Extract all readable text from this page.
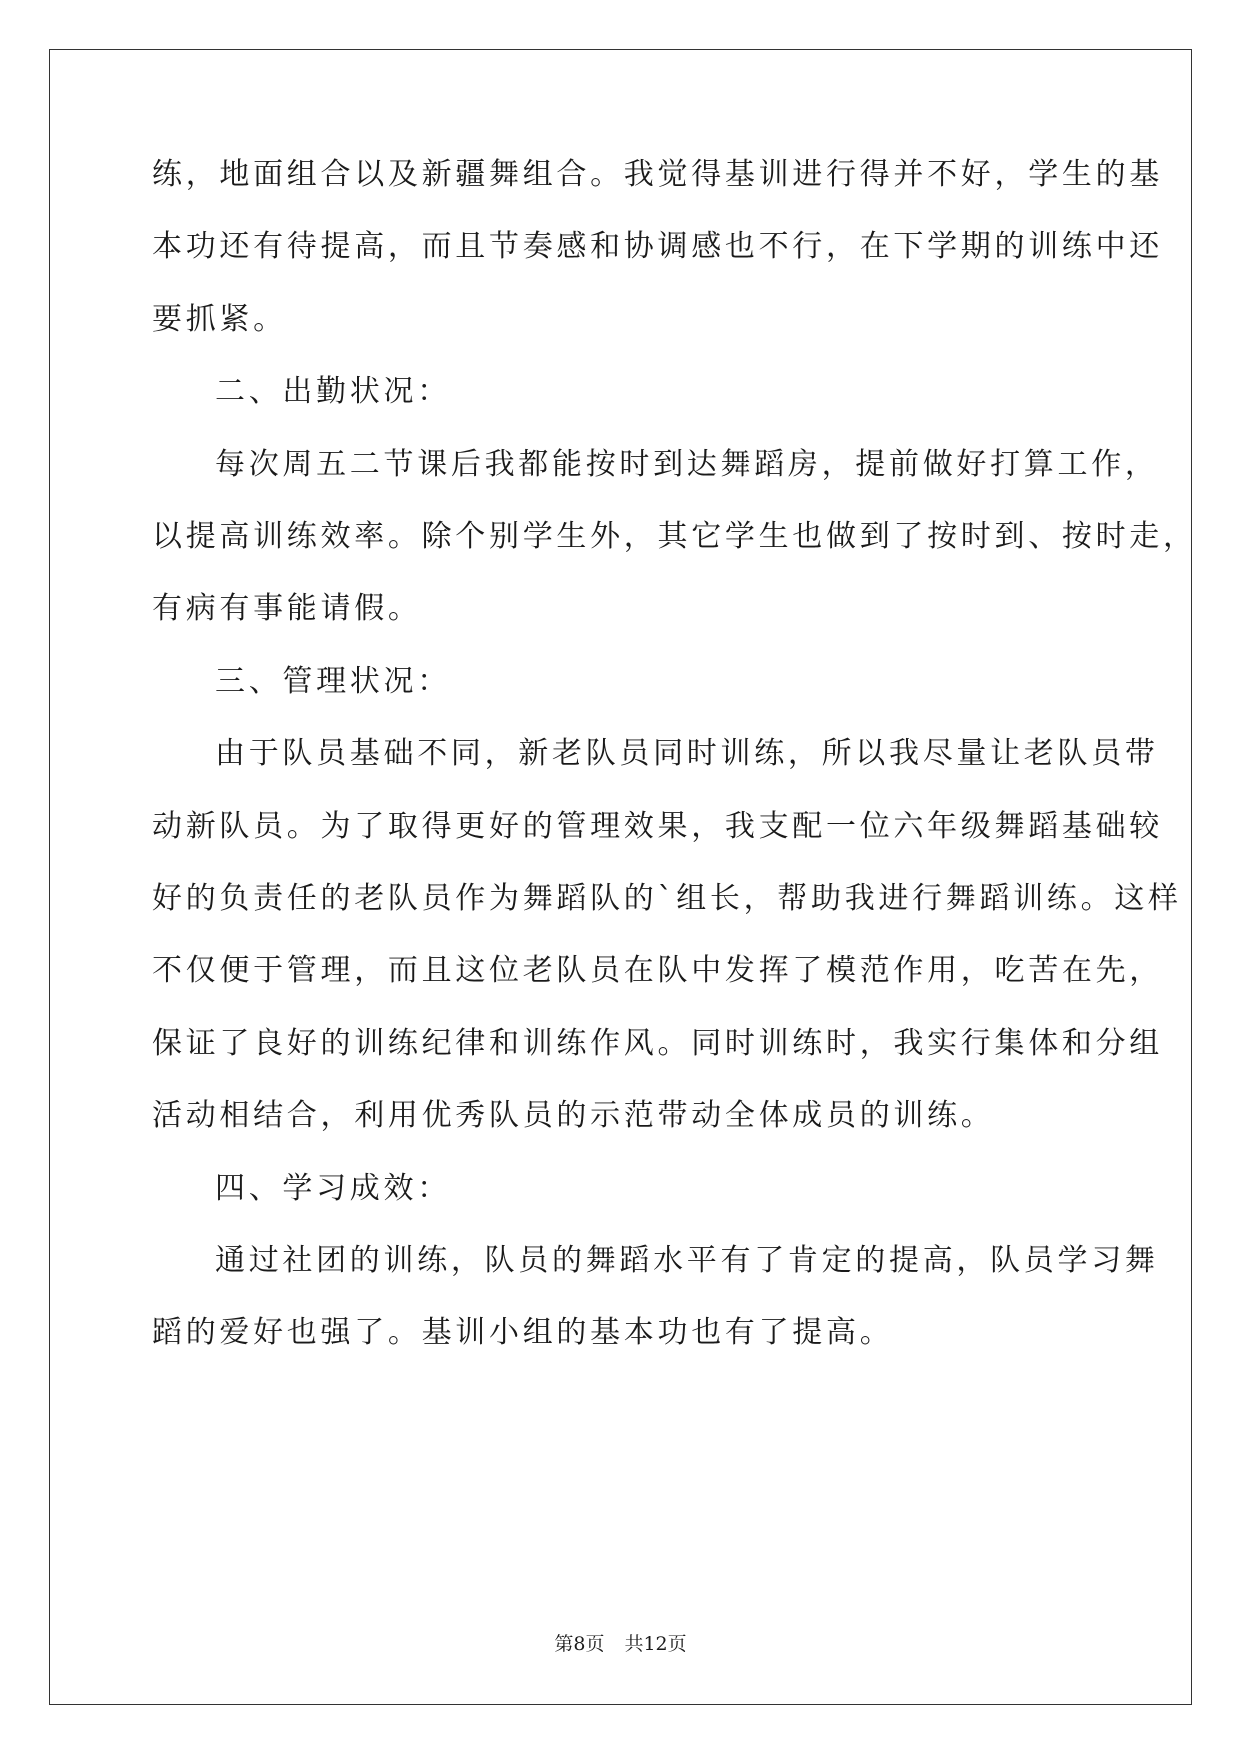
练，地面组合以及新疆舞组合。我觉得基训进行得并不好，学生的基
本功还有待提高，而且节奏感和协调感也不行，在下学期的训练中还
要抓紧。
二、出勤状况：
每次周五二节课后我都能按时到达舞蹈房，提前做好打算工作，
以提高训练效率。除个别学生外，其它学生也做到了按时到、按时走，
有病有事能请假。
三、管理状况：
由于队员基础不同，新老队员同时训练，所以我尽量让老队员带
动新队员。为了取得更好的管理效果，我支配一位六年级舞蹈基础较
好的负责任的老队员作为舞蹈队的`组长，帮助我进行舞蹈训练。这样
不仅便于管理，而且这位老队员在队中发挥了模范作用，吃苦在先，
保证了良好的训练纪律和训练作风。同时训练时，我实行集体和分组
活动相结合，利用优秀队员的示范带动全体成员的训练。
四、学习成效：
通过社团的训练，队员的舞蹈水平有了肯定的提高，队员学习舞
蹈的爱好也强了。基训小组的基本功也有了提高。
第8页 共12页
